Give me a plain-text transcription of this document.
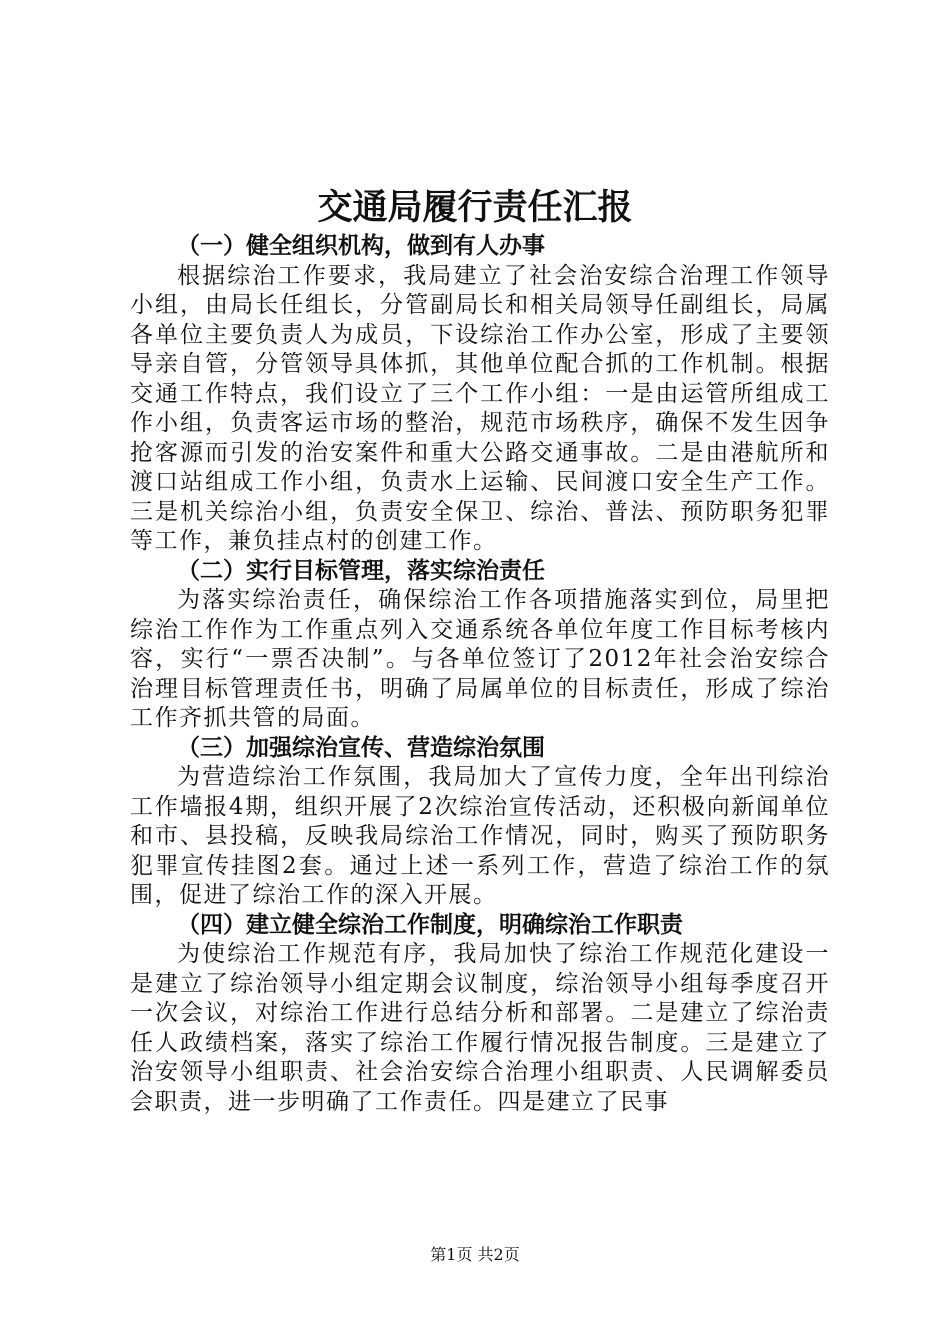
交通局履行责任汇报
（一）健全组织机构，做到有人办事

根据综治工作要求，我局建立了社会治安综合治理工作领导小组，由局长任组长，分管副局长和相关局领导任副组长，局属各单位主要负责人为成员，下设综治工作办公室，形成了主要领导亲自管，分管领导具体抓，其他单位配合抓的工作机制。根据交通工作特点，我们设立了三个工作小组：一是由运管所组成工作小组，负责客运市场的整治，规范市场秩序，确保不发生因争抢客源而引发的治安案件和重大公路交通事故。二是由港航所和渡口站组成工作小组，负责水上运输、民间渡口安全生产工作。三是机关综治小组，负责安全保卫、综治、普法、预防职务犯罪等工作，兼负挂点村的创建工作。

（二）实行目标管理，落实综治责任

为落实综治责任，确保综治工作各项措施落实到位，局里把综治工作作为工作重点列入交通系统各单位年度工作目标考核内容，实行“一票否决制”。与各单位签订了2012年社会治安综合治理目标管理责任书，明确了局属单位的目标责任，形成了综治工作齐抓共管的局面。

（三）加强综治宣传、营造综治氛围

为营造综治工作氛围，我局加大了宣传力度，全年出刊综治工作墙报4期，组织开展了2次综治宣传活动，还积极向新闻单位和市、县投稿，反映我局综治工作情况，同时，购买了预防职务犯罪宣传挂图2套。通过上述一系列工作，营造了综治工作的氛围，促进了综治工作的深入开展。

（四）建立健全综治工作制度，明确综治工作职责

为使综治工作规范有序，我局加快了综治工作规范化建设一是建立了综治领导小组定期会议制度，综治领导小组每季度召开一次会议，对综治工作进行总结分析和部署。二是建立了综治责任人政绩档案，落实了综治工作履行情况报告制度。三是建立了治安领导小组职责、社会治安综合治理小组职责、人民调解委员会职责，进一步明确了工作责任。四是建立了民事

第1页 共2页
